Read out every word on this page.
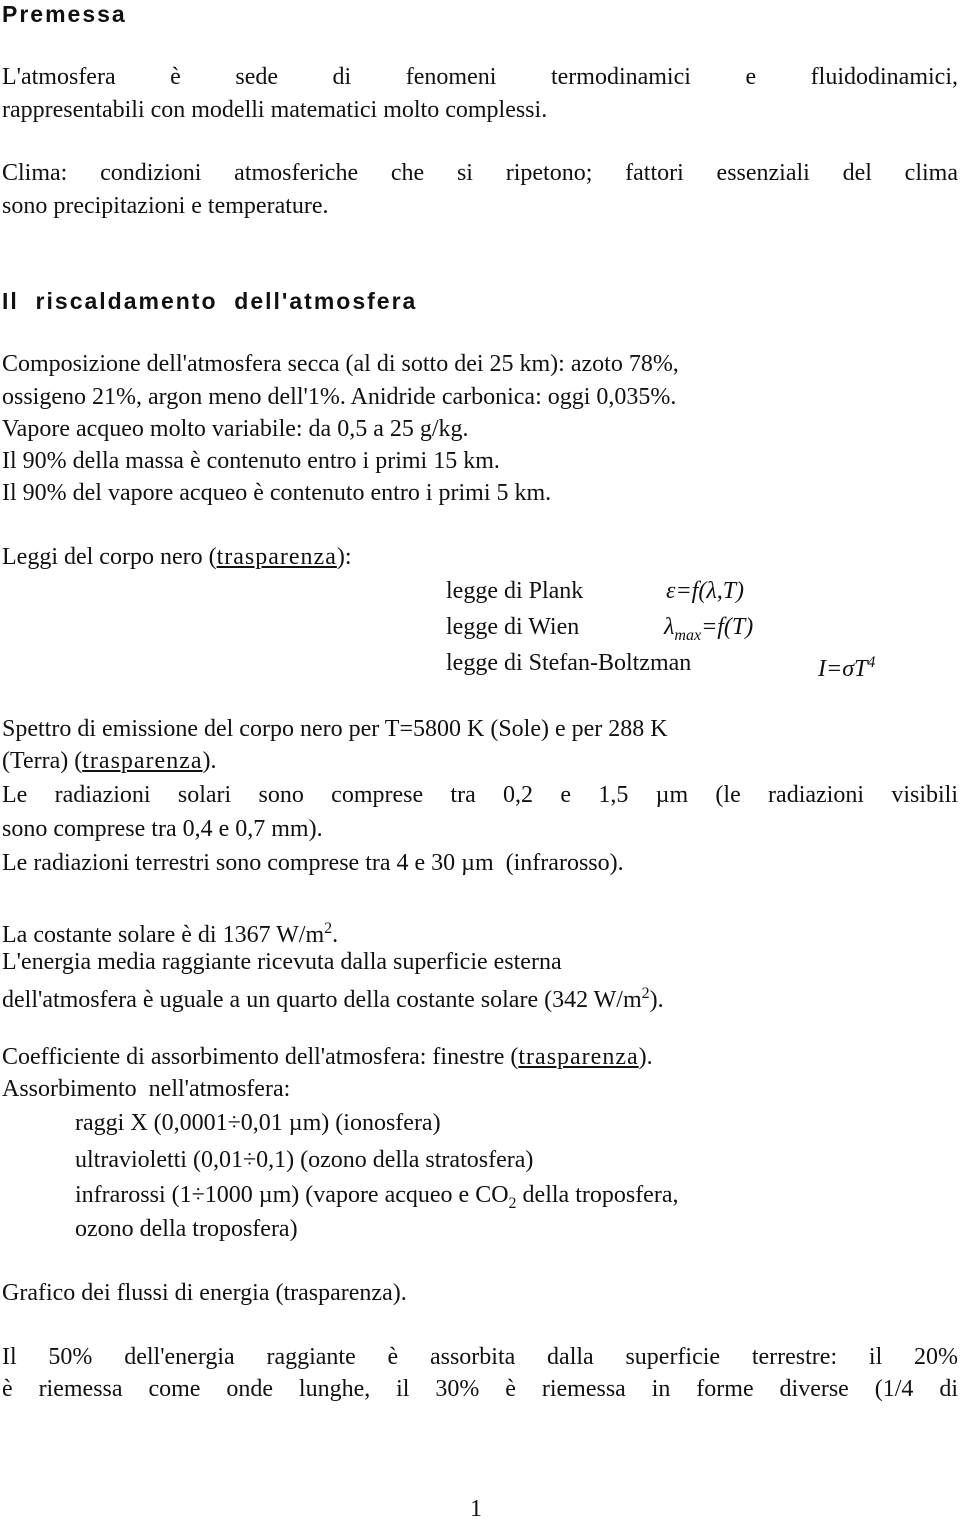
Premessa
L'atmosfera è sede di fenomeni termodinamici e fluidodinamici,
rappresentabili con modelli matematici molto complessi.
Clima: condizioni atmosferiche che si ripetono; fattori essenziali del clima
sono precipitazioni e temperature.
Il  riscaldamento  dell'atmosfera
Composizione dell'atmosfera secca (al di sotto dei 25 km): azoto 78%,
ossigeno 21%, argon meno dell'1%. Anidride carbonica: oggi 0,035%.
Vapore acqueo molto variabile: da 0,5 a 25 g/kg.
Il 90% della massa è contenuto entro i primi 15 km.
Il 90% del vapore acqueo è contenuto entro i primi 5 km.
Leggi del corpo nero (trasparenza):
legge di Plank	ε=f(λ,T)
legge di Wien	$\lambda_{max}=f(T)$
legge di Stefan-Boltzman	$I=\sigma T^4$
Spettro di emissione del corpo nero per T=5800 K (Sole) e per 288 K
(Terra) (trasparenza).
Le radiazioni solari sono comprese tra 0,2 e 1,5 µm (le radiazioni visibili
sono comprese tra 0,4 e 0,7 mm).
Le radiazioni terrestri sono comprese tra 4 e 30 µm  (infrarosso).
La costante solare è di 1367 $W/m^2$.
L'energia media raggiante ricevuta dalla superficie esterna
dell'atmosfera è uguale a un quarto della costante solare (342 $W/m^2$).
Coefficiente di assorbimento dell'atmosfera: finestre (trasparenza).
Assorbimento  nell'atmosfera:
raggi X (0,0001÷0,01 µm) (ionosfera)
ultravioletti (0,01÷0,1) (ozono della stratosfera)
infrarossi (1÷1000 µm) (vapore acqueo e $CO_2$ della troposfera,
ozono della troposfera)
Grafico dei flussi di energia (trasparenza).
Il 50% dell'energia raggiante è assorbita dalla superficie terrestre: il 20%
è riemessa come onde lunghe, il 30% è riemessa in forme diverse (1/4 di
1
